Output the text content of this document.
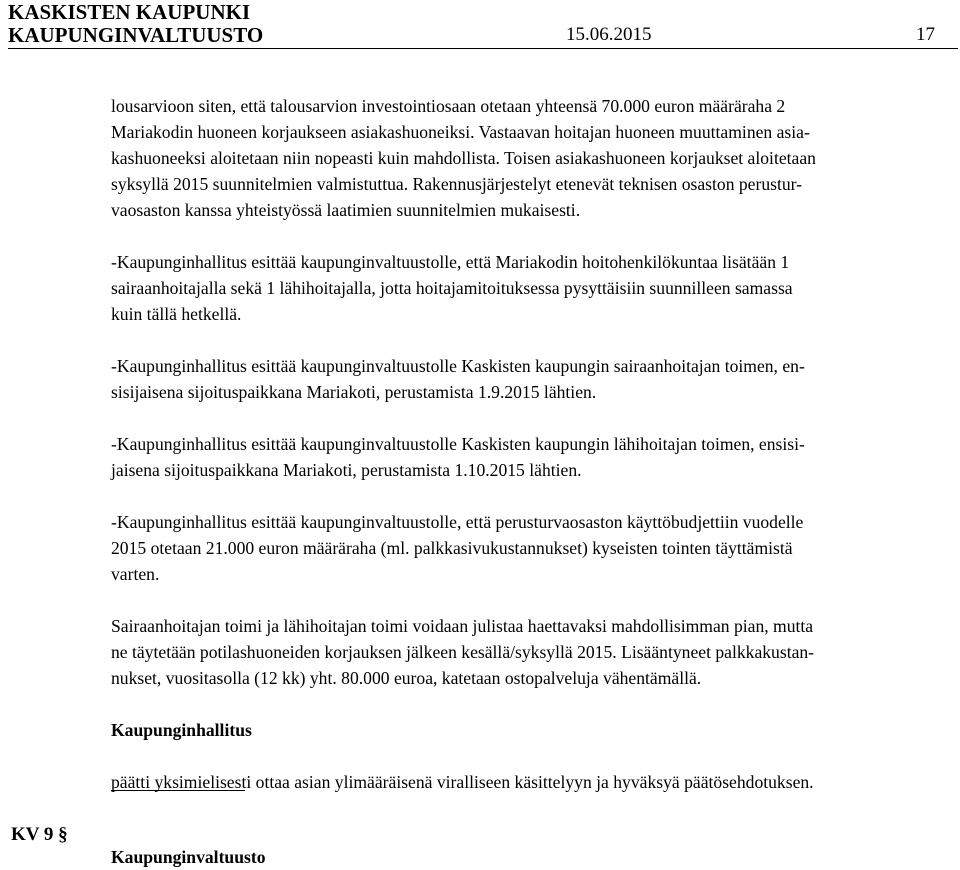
KASKISTEN KAUPUNKI
KAUPUNGINVALTUUSTO	15.06.2015	17

lousarvioon siten, että talousarvion investointiosaan otetaan yhteensä 70.000 euron määräraha 2
Mariakodin huoneen korjaukseen asiakashuoneiksi. Vastaavan hoitajan huoneen muuttaminen asia-
kashuoneeksi aloitetaan niin nopeasti kuin mahdollista. Toisen asiakashuoneen korjaukset aloitetaan
syksyllä 2015 suunnitelmien valmistuttua. Rakennusjärjestelyt etenevät teknisen osaston perustur-
vaosaston kanssa yhteistyössä laatimien suunnitelmien mukaisesti.

-Kaupunginhallitus esittää kaupunginvaltuustolle, että Mariakodin hoitohenkilökuntaa lisätään 1
sairaanhoitajalla sekä 1 lähihoitajalla, jotta hoitajamitoituksessa pysyttäisiin suunnilleen samassa
kuin tällä hetkellä.

-Kaupunginhallitus esittää kaupunginvaltuustolle Kaskisten kaupungin sairaanhoitajan toimen, en-
sisijaisena sijoituspaikkana Mariakoti, perustamista 1.9.2015 lähtien.

-Kaupunginhallitus esittää kaupunginvaltuustolle Kaskisten kaupungin lähihoitajan toimen, ensisi-
jaisena sijoituspaikkana Mariakoti, perustamista 1.10.2015 lähtien.

-Kaupunginhallitus esittää kaupunginvaltuustolle, että perusturvaosaston käyttöbudjettiin vuodelle
2015 otetaan 21.000 euron määräraha (ml. palkkasivukustannukset) kyseisten tointen täyttämistä
varten.

Sairaanhoitajan toimi ja lähihoitajan toimi voidaan julistaa haettavaksi mahdollisimman pian, mutta
ne täytetään potilashuoneiden korjauksen jälkeen kesällä/syksyllä 2015. Lisääntyneet palkkakustan-
nukset, vuositasolla (12 kk) yht. 80.000 euroa, katetaan ostopalveluja vähentämällä.

Kaupunginhallitus

päätti yksimielisesti ottaa asian ylimääräisenä viralliseen käsittelyyn ja hyväksyä päätösehdotuksen.

KV 9 §
Kaupunginvaltuusto
